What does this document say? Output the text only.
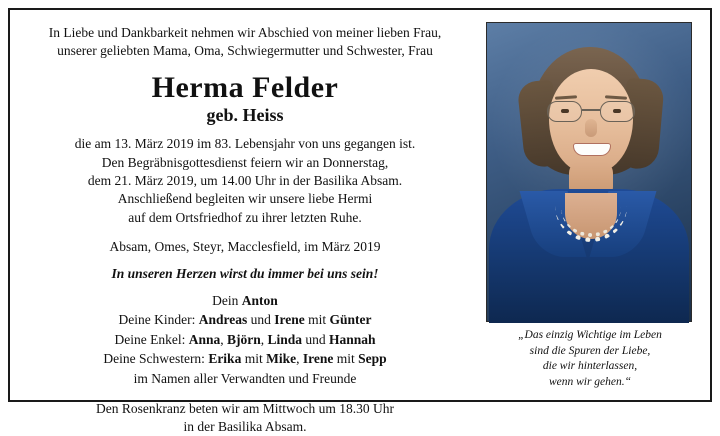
In Liebe und Dankbarkeit nehmen wir Abschied von meiner lieben Frau, unserer geliebten Mama, Oma, Schwiegermutter und Schwester, Frau

Herma Felder
geb. Heiss
die am 13. März 2019 im 83. Lebensjahr von uns gegangen ist.
Den Begräbnisgottesdienst feiern wir an Donnerstag,
dem 21. März 2019, um 14.00 Uhr in der Basilika Absam.
Anschließend begleiten wir unsere liebe Hermi
auf dem Ortsfriedhof zu ihrer letzten Ruhe.
Absam, Omes, Steyr, Macclesfield, im März 2019
In unseren Herzen wirst du immer bei uns sein!
Dein Anton
Deine Kinder: Andreas und Irene mit Günter
Deine Enkel: Anna, Björn, Linda und Hannah
Deine Schwestern: Erika mit Mike, Irene mit Sepp
im Namen aller Verwandten und Freunde
Den Rosenkranz beten wir am Mittwoch um 18.30 Uhr
in der Basilika Absam.
„Das einzig Wichtige im Leben
sind die Spuren der Liebe,
die wir hinterlassen,
wenn wir gehen.“
